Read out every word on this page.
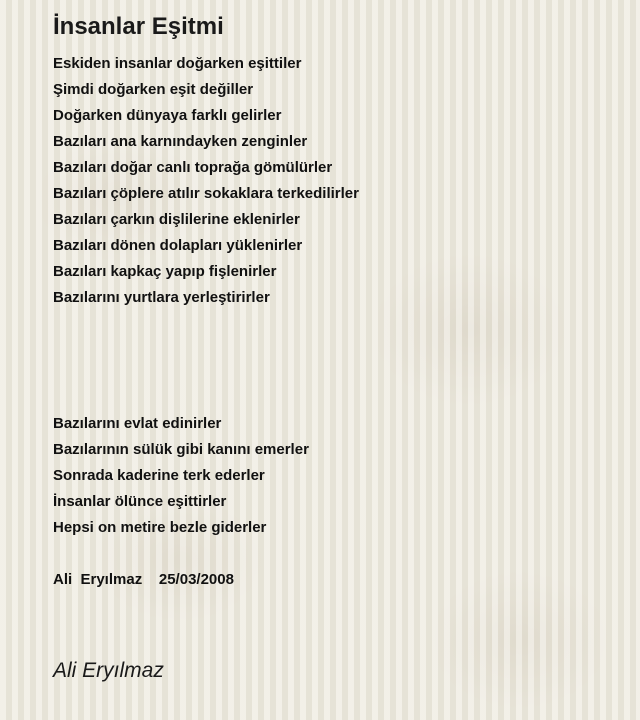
İnsanlar Eşitmi
Eskiden insanlar doğarken eşittiler
Şimdi doğarken eşit değiller
Doğarken dünyaya farklı gelirler
Bazıları ana karnındayken zenginler
Bazıları doğar canlı toprağa gömülürler
Bazıları çöplere atılır sokaklara terkedilirler
Bazıları çarkın dişlilerine eklenirler
Bazıları dönen dolapları yüklenirler
Bazıları kapkaç yapıp fişlenirler
Bazılarını yurtlara yerleştirirler
Bazılarını evlat edinirler
Bazılarının sülük gibi kanını emerler
Sonrada kaderine terk ederler
İnsanlar ölünce eşittirler
Hepsi on metire bezle giderler
Ali  Eryılmaz    25/03/2008
Ali Eryılmaz
